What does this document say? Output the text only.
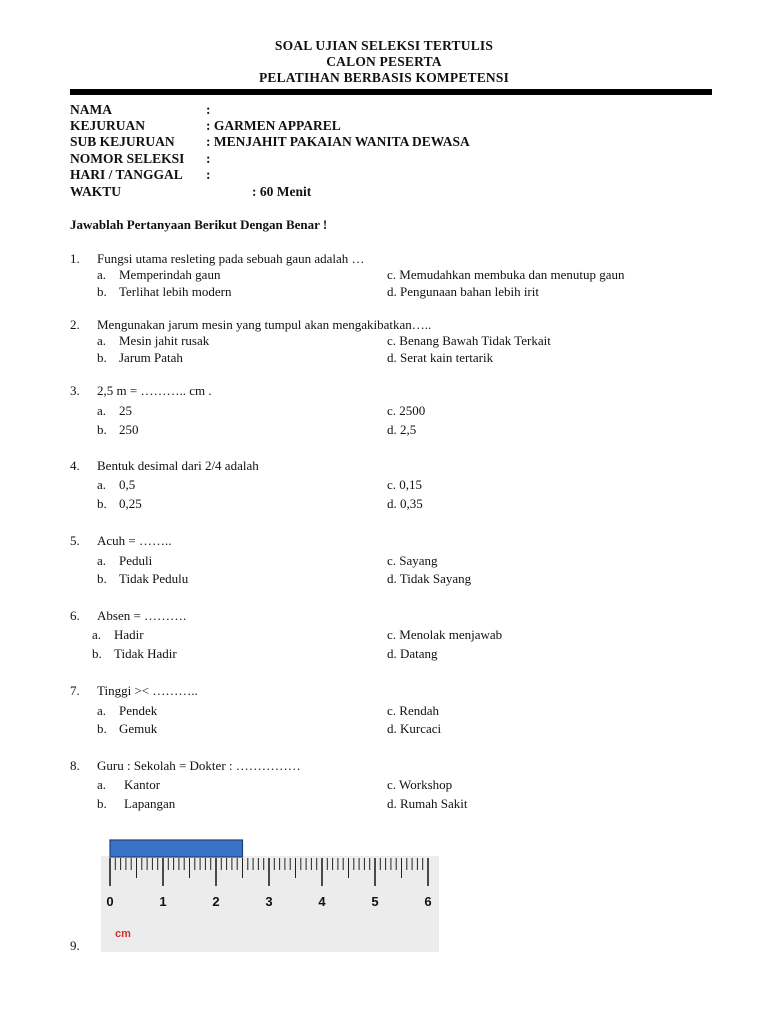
SOAL UJIAN SELEKSI TERTULIS
CALON PESERTA
PELATIHAN BERBASIS KOMPETENSI
NAMA	:
KEJURUAN	: GARMEN APPAREL
SUB KEJURUAN : MENJAHIT PAKAIAN WANITA DEWASA
NOMOR SELEKSI :
HARI / TANGGAL :
WAKTU	: 60 Menit
Jawablah Pertanyaan Berikut Dengan Benar !
1. Fungsi utama resleting pada sebuah gaun adalah …
a. Memperindah gaun
b. Terlihat lebih modern
c. Memudahkan membuka dan menutup gaun
d. Pengunaan bahan lebih irit
2. Mengunakan jarum mesin yang tumpul akan mengakibatkan…..
a. Mesin jahit rusak
b. Jarum Patah
c. Benang Bawah Tidak Terkait
d. Serat kain tertarik
3. 2,5 m = ……….. cm .
a. 25
b. 250
c. 2500
d. 2,5
4. Bentuk desimal dari 2/4 adalah
a. 0,5
b. 0,25
c. 0,15
d. 0,35
5. Acuh = ……..
a. Peduli
b. Tidak Pedulu
c. Sayang
d. Tidak Sayang
6. Absen = ……….
a. Hadir
b. Tidak Hadir
c. Menolak menjawab
d. Datang
7. Tinggi >< ………..
a. Pendek
b. Gemuk
c. Rendah
d. Kurcaci
8. Guru : Sekolah = Dokter : ……………
a. Kantor
b. Lapangan
c. Workshop
d. Rumah Sakit
0	1	2	3	4	5	6
cm
9.
